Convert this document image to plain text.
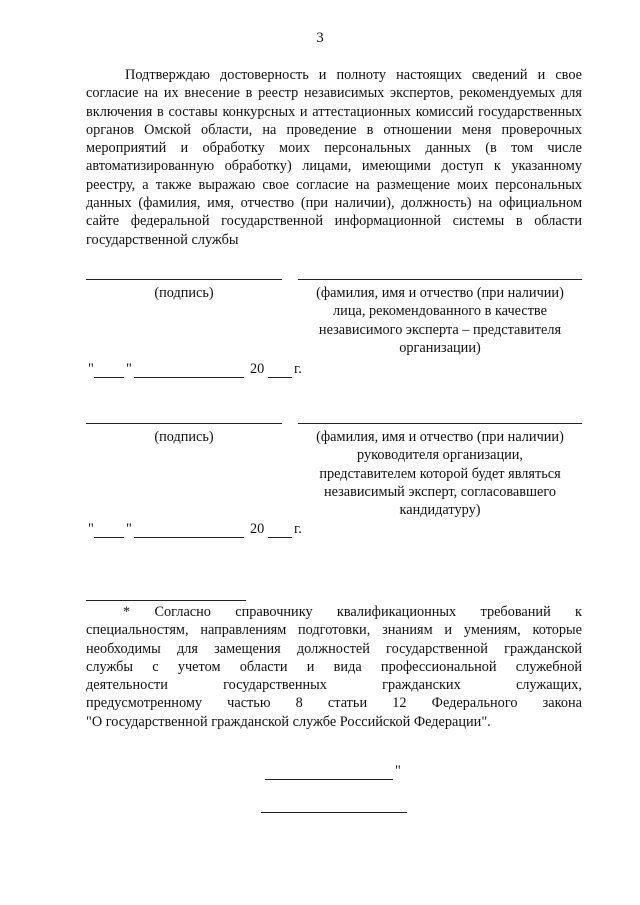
3

Подтверждаю достоверность и полноту настоящих сведений и свое согласие на их внесение в реестр независимых экспертов, рекомендуемых для включения в составы конкурсных и аттестационных комиссий государственных органов Омской области, на проведение в отношении меня проверочных мероприятий и обработку моих персональных данных (в том числе автоматизированную обработку) лицами, имеющими доступ к указанному реестру, а также выражаю свое согласие на размещение моих персональных данных (фамилия, имя, отчество (при наличии), должность) на официальном сайте федеральной государственной информационной системы в области государственной службы

(подпись)	(фамилия, имя и отчество (при наличии)
лица, рекомендованного в качестве
независимого эксперта – представителя
организации)
" "	20 г.

(подпись)	(фамилия, имя и отчество (при наличии)
руководителя организации,
представителем которой будет являться
независимый эксперт, согласовавшего
кандидатуру)
" "	20 г.
* Согласно справочнику квалификационных требований к
специальностям, направлениям подготовки, знаниям и умениям, которые
необходимы для замещения должностей государственной гражданской
службы с учетом области и вида профессиональной служебной
деятельности государственных гражданских служащих,
предусмотренному частью 8 статьи 12 Федерального закона
"О государственной гражданской службе Российской Федерации".
"
